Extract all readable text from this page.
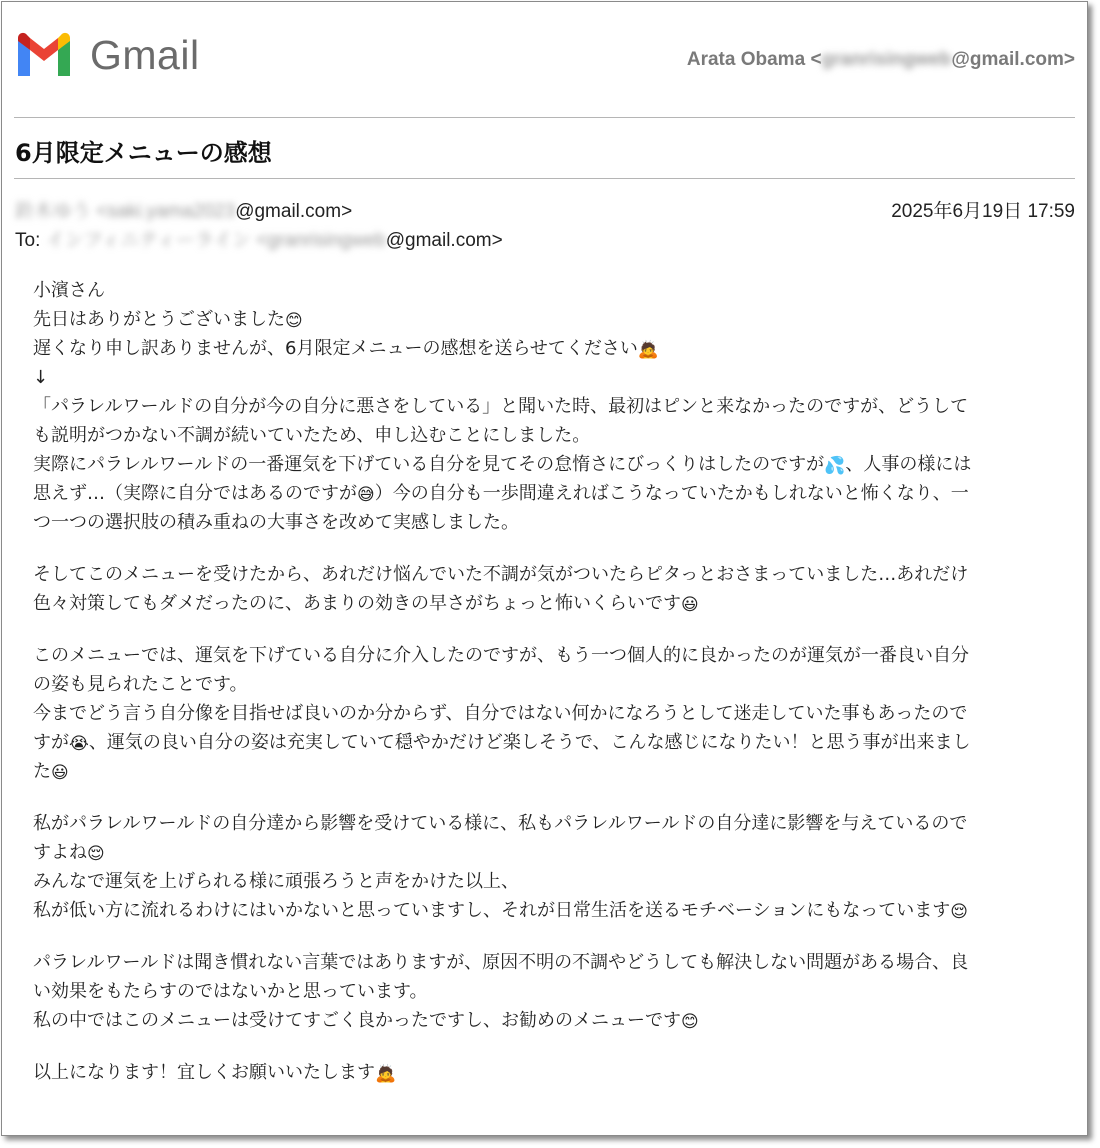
Gmail	Arata Obama <granrisingweb@gmail.com>
6月限定メニューの感想
鈴木ゆう <saki.yama2023@gmail.com>	2025年6月19日 17:59
To: インフィニティーライン <granrisingweb@gmail.com>

小濱さん
先日はありがとうございました😊
遅くなり申し訳ありませんが、6月限定メニューの感想を送らせてください🙇
↓
「パラレルワールドの自分が今の自分に悪さをしている」と聞いた時、最初はピンと来なかったのですが、どうして
も説明がつかない不調が続いていたため、申し込むことにしました。
実際にパラレルワールドの一番運気を下げている自分を見てその怠惰さにびっくりはしたのですが💦、人事の様には
思えず…（実際に自分ではあるのですが😅）今の自分も一歩間違えればこうなっていたかもしれないと怖くなり、一
つ一つの選択肢の積み重ねの大事さを改めて実感しました。

そしてこのメニューを受けたから、あれだけ悩んでいた不調が気がついたらピタっとおさまっていました…あれだけ
色々対策してもダメだったのに、あまりの効きの早さがちょっと怖いくらいです😃

このメニューでは、運気を下げている自分に介入したのですが、もう一つ個人的に良かったのが運気が一番良い自分
の姿も見られたことです。
今までどう言う自分像を目指せば良いのか分からず、自分ではない何かになろうとして迷走していた事もあったので
すが😭、運気の良い自分の姿は充実していて穏やかだけど楽しそうで、こんな感じになりたい！と思う事が出来まし
た😃

私がパラレルワールドの自分達から影響を受けている様に、私もパラレルワールドの自分達に影響を与えているので
すよね😌
みんなで運気を上げられる様に頑張ろうと声をかけた以上、
私が低い方に流れるわけにはいかないと思っていますし、それが日常生活を送るモチベーションにもなっています😌

パラレルワールドは聞き慣れない言葉ではありますが、原因不明の不調やどうしても解決しない問題がある場合、良
い効果をもたらすのではないかと思っています。
私の中ではこのメニューは受けてすごく良かったですし、お勧めのメニューです😊

以上になります！宜しくお願いいたします🙇
